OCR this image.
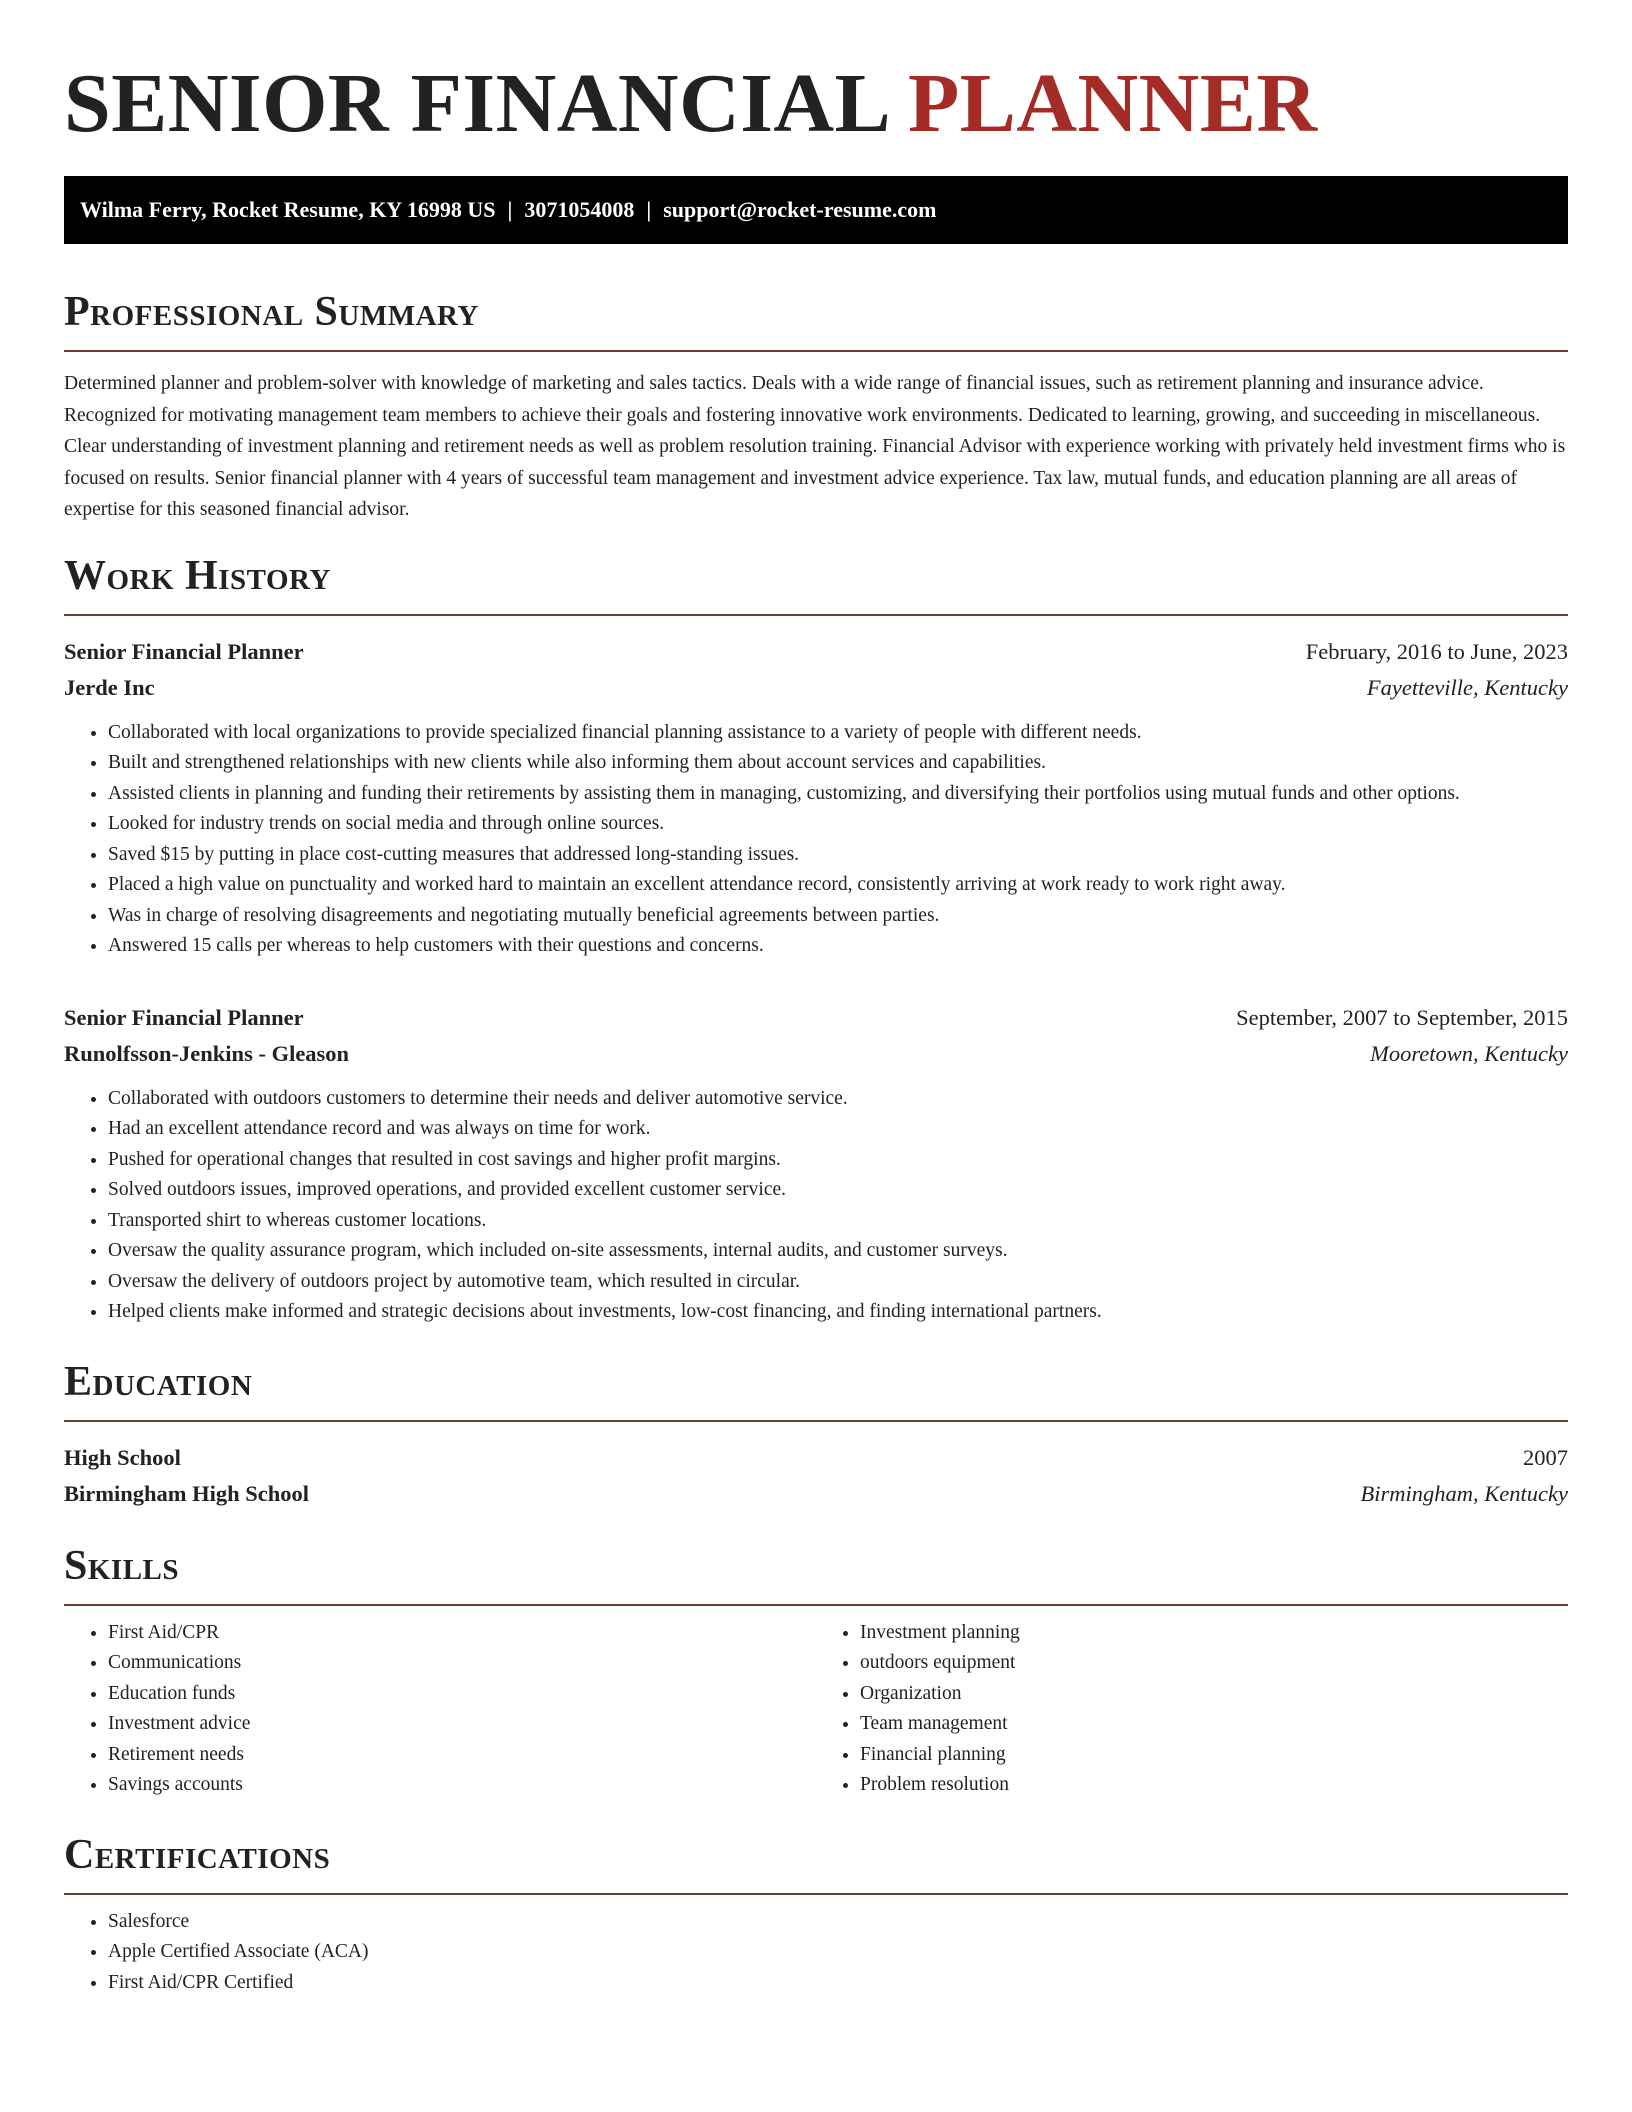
SENIOR FINANCIAL PLANNER
Wilma Ferry, Rocket Resume, KY 16998 US | 3071054008 | support@rocket-resume.com
Professional Summary

Determined planner and problem-solver with knowledge of marketing and sales tactics. Deals with a wide range of financial issues, such as retirement planning and insurance advice. Recognized for motivating management team members to achieve their goals and fostering innovative work environments. Dedicated to learning, growing, and succeeding in miscellaneous. Clear understanding of investment planning and retirement needs as well as problem resolution training. Financial Advisor with experience working with privately held investment firms who is focused on results. Senior financial planner with 4 years of successful team management and investment advice experience. Tax law, mutual funds, and education planning are all areas of expertise for this seasoned financial advisor.

Work History
Senior Financial Planner	February, 2016 to June, 2023
Jerde Inc	Fayetteville, Kentucky
• Collaborated with local organizations to provide specialized financial planning assistance to a variety of people with different needs.
• Built and strengthened relationships with new clients while also informing them about account services and capabilities.
• Assisted clients in planning and funding their retirements by assisting them in managing, customizing, and diversifying their portfolios using mutual funds and other options.
• Looked for industry trends on social media and through online sources.
• Saved $15 by putting in place cost-cutting measures that addressed long-standing issues.
• Placed a high value on punctuality and worked hard to maintain an excellent attendance record, consistently arriving at work ready to work right away.
• Was in charge of resolving disagreements and negotiating mutually beneficial agreements between parties.
• Answered 15 calls per whereas to help customers with their questions and concerns.
Senior Financial Planner	September, 2007 to September, 2015
Runolfsson-Jenkins - Gleason	Mooretown, Kentucky
• Collaborated with outdoors customers to determine their needs and deliver automotive service.
• Had an excellent attendance record and was always on time for work.
• Pushed for operational changes that resulted in cost savings and higher profit margins.
• Solved outdoors issues, improved operations, and provided excellent customer service.
• Transported shirt to whereas customer locations.
• Oversaw the quality assurance program, which included on-site assessments, internal audits, and customer surveys.
• Oversaw the delivery of outdoors project by automotive team, which resulted in circular.
• Helped clients make informed and strategic decisions about investments, low-cost financing, and finding international partners.
Education
High School	2007
Birmingham High School	Birmingham, Kentucky
Skills
• First Aid/CPR
• Communications
• Education funds
• Investment advice
• Retirement needs
• Savings accounts
• Investment planning
• outdoors equipment
• Organization
• Team management
• Financial planning
• Problem resolution
Certifications
• Salesforce
• Apple Certified Associate (ACA)
• First Aid/CPR Certified
